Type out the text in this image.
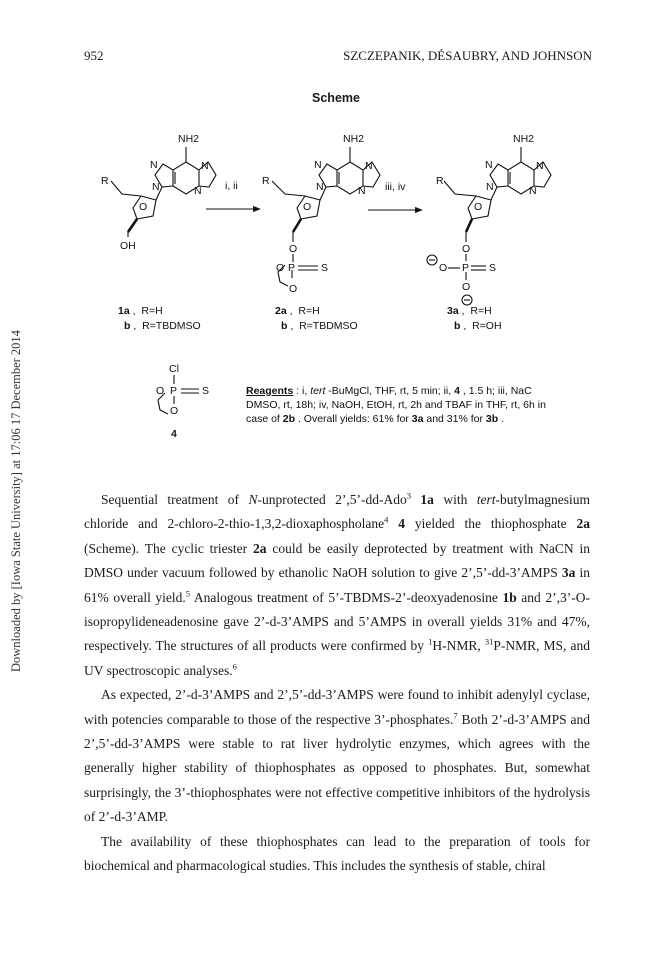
952	SZCZEPANIK, DÉSAUBRY, AND JOHNSON
Downloaded by [Iowa State University] at 17:06 17 December 2014
Scheme
NH2
N	N
N	N
R
O
OH
NH2
N	N
N	N
R
O
O
O P S
O
NH2
N	N
N	N
R
O
O
O P S
O
Cl
O P S
O
i, ii	iii, iv
1a ,  R=H
b ,  R=TBDMSO
2a ,  R=H
b ,  R=TBDMSO
3a ,  R=H
b ,  R=OH
4
Reagents : i, tert -BuMgCl, THF, rt, 5 min; ii, 4 , 1.5 h; iii, NaC
DMSO, rt, 18h; iv, NaOH, EtOH, rt, 2h and TBAF in THF, rt, 6h in
case of 2b . Overall yields: 61% for 3a and 31% for 3b .

Sequential treatment of N-unprotected 2’,5’-dd-Ado$^3$ 1a with tert-butylmagnesium chloride and 2-chloro-2-thio-1,3,2-dioxaphospholane$^4$ 4 yielded the thiophosphate 2a (Scheme). The cyclic triester 2a could be easily deprotected by treatment with NaCN in DMSO under vacuum followed by ethanolic NaOH solution to give 2’,5’-dd-3’AMPS 3a in 61% overall yield.$^5$ Analogous treatment of 5’-TBDMS-2’-deoxyadenosine 1b and 2’,3’-O-isopropylideneadenosine gave 2’-d-3’AMPS and 5’AMPS in overall yields 31% and 47%, respectively. The structures of all products were confirmed by $^1$H-NMR, $^{31}$P-NMR, MS, and UV spectroscopic analyses.$^6$

As expected, 2’-d-3’AMPS and 2’,5’-dd-3’AMPS were found to inhibit adenylyl cyclase, with potencies comparable to those of the respective 3’-phosphates.$^7$ Both 2’-d-3’AMPS and 2’,5’-dd-3’AMPS were stable to rat liver hydrolytic enzymes, which agrees with the generally higher stability of thiophosphates as opposed to phosphates. But, somewhat surprisingly, the 3’-thiophosphates were not effective competitive inhibitors of the hydrolysis of 2’-d-3’AMP.

The availability of these thiophosphates can lead to the preparation of tools for biochemical and pharmacological studies. This includes the synthesis of stable, chiral
